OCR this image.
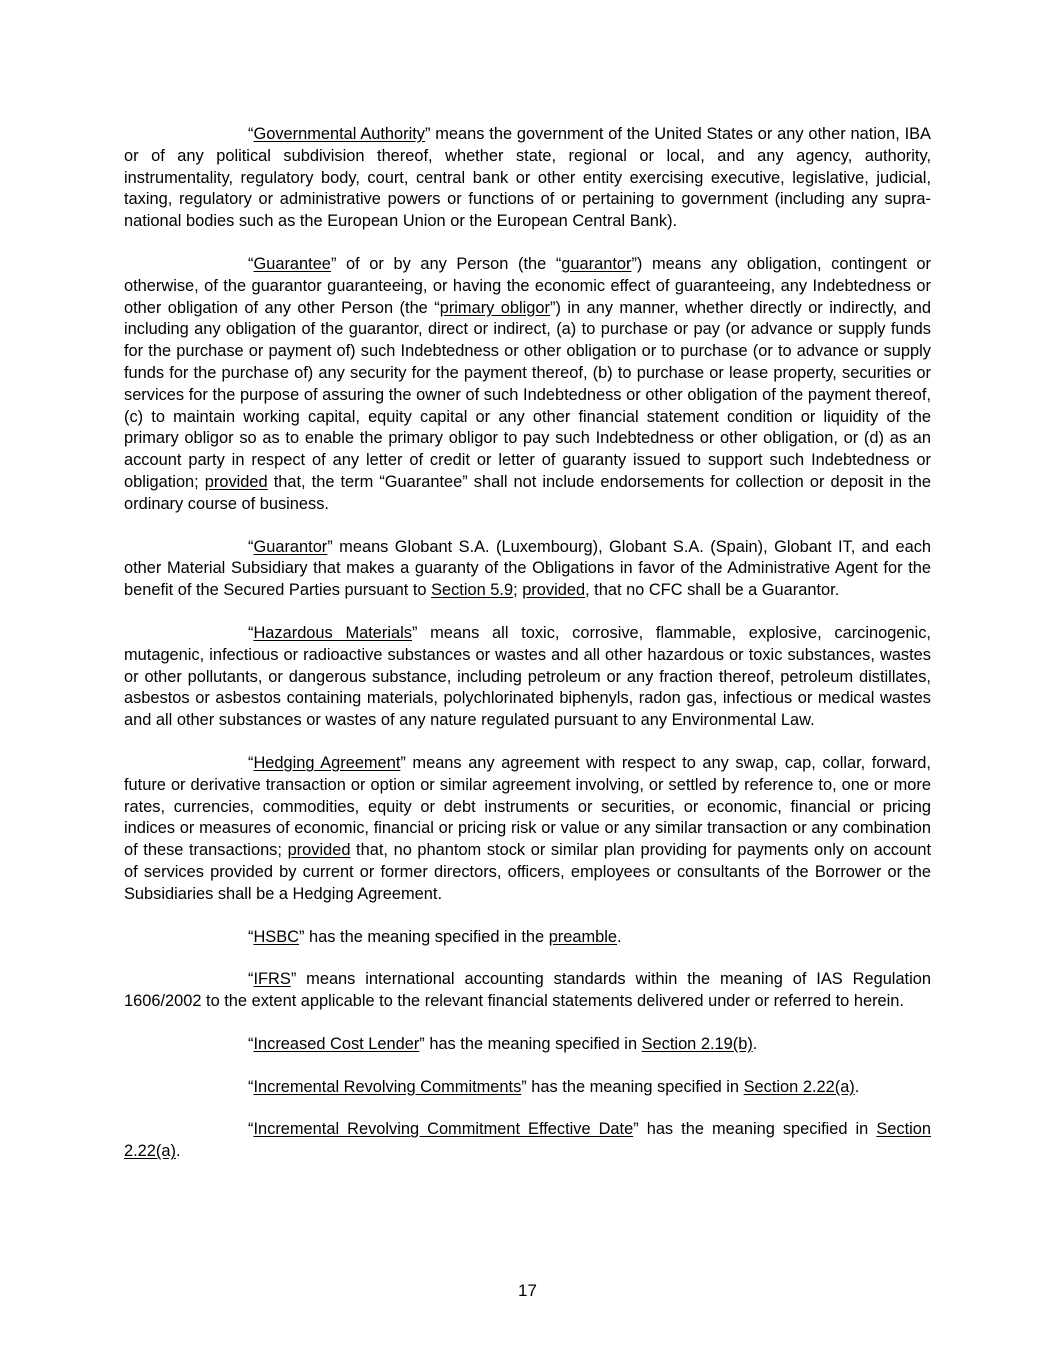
“Governmental Authority” means the government of the United States or any other nation, IBA or of any political subdivision thereof, whether state, regional or local, and any agency, authority, instrumentality, regulatory body, court, central bank or other entity exercising executive, legislative, judicial, taxing, regulatory or administrative powers or functions of or pertaining to government (including any supra-national bodies such as the European Union or the European Central Bank).

“Guarantee” of or by any Person (the “guarantor”) means any obligation, contingent or otherwise, of the guarantor guaranteeing, or having the economic effect of guaranteeing, any Indebtedness or other obligation of any other Person (the “primary obligor”) in any manner, whether directly or indirectly, and including any obligation of the guarantor, direct or indirect, (a) to purchase or pay (or advance or supply funds for the purchase or payment of) such Indebtedness or other obligation or to purchase (or to advance or supply funds for the purchase of) any security for the payment thereof, (b) to purchase or lease property, securities or services for the purpose of assuring the owner of such Indebtedness or other obligation of the payment thereof, (c) to maintain working capital, equity capital or any other financial statement condition or liquidity of the primary obligor so as to enable the primary obligor to pay such Indebtedness or other obligation, or (d) as an account party in respect of any letter of credit or letter of guaranty issued to support such Indebtedness or obligation; provided that, the term “Guarantee” shall not include endorsements for collection or deposit in the ordinary course of business.

“Guarantor” means Globant S.A. (Luxembourg), Globant S.A. (Spain), Globant IT, and each other Material Subsidiary that makes a guaranty of the Obligations in favor of the Administrative Agent for the benefit of the Secured Parties pursuant to Section 5.9; provided, that no CFC shall be a Guarantor.

“Hazardous Materials” means all toxic, corrosive, flammable, explosive, carcinogenic, mutagenic, infectious or radioactive substances or wastes and all other hazardous or toxic substances, wastes or other pollutants, or dangerous substance, including petroleum or any fraction thereof, petroleum distillates, asbestos or asbestos containing materials, polychlorinated biphenyls, radon gas, infectious or medical wastes and all other substances or wastes of any nature regulated pursuant to any Environmental Law.

“Hedging Agreement” means any agreement with respect to any swap, cap, collar, forward, future or derivative transaction or option or similar agreement involving, or settled by reference to, one or more rates, currencies, commodities, equity or debt instruments or securities, or economic, financial or pricing indices or measures of economic, financial or pricing risk or value or any similar transaction or any combination of these transactions; provided that, no phantom stock or similar plan providing for payments only on account of services provided by current or former directors, officers, employees or consultants of the Borrower or the Subsidiaries shall be a Hedging Agreement.

“HSBC” has the meaning specified in the preamble.

“IFRS” means international accounting standards within the meaning of IAS Regulation 1606/2002 to the extent applicable to the relevant financial statements delivered under or referred to herein.

“Increased Cost Lender” has the meaning specified in Section 2.19(b).

“Incremental Revolving Commitments” has the meaning specified in Section 2.22(a).

“Incremental Revolving Commitment Effective Date” has the meaning specified in Section 2.22(a).

17
